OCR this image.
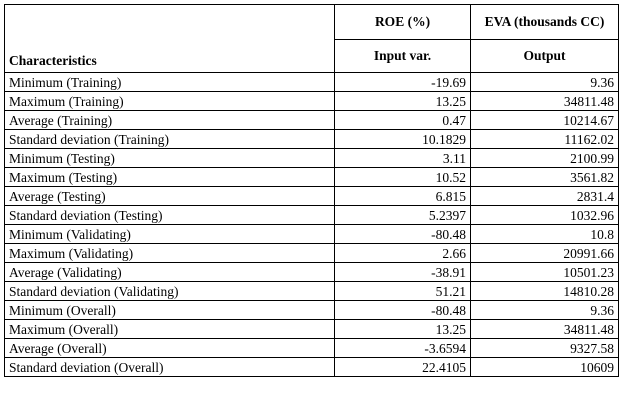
Characteristics	ROE (%)	EVA (thousands CC)
	Input var.	Output
Minimum (Training)	-19.69	9.36
Maximum (Training)	13.25	34811.48
Average (Training)	0.47	10214.67
Standard deviation (Training)	10.1829	11162.02
Minimum (Testing)	3.11	2100.99
Maximum (Testing)	10.52	3561.82
Average (Testing)	6.815	2831.4
Standard deviation (Testing)	5.2397	1032.96
Minimum (Validating)	-80.48	10.8
Maximum (Validating)	2.66	20991.66
Average (Validating)	-38.91	10501.23
Standard deviation (Validating)	51.21	14810.28
Minimum (Overall)	-80.48	9.36
Maximum (Overall)	13.25	34811.48
Average (Overall)	-3.6594	9327.58
Standard deviation (Overall)	22.4105	10609
